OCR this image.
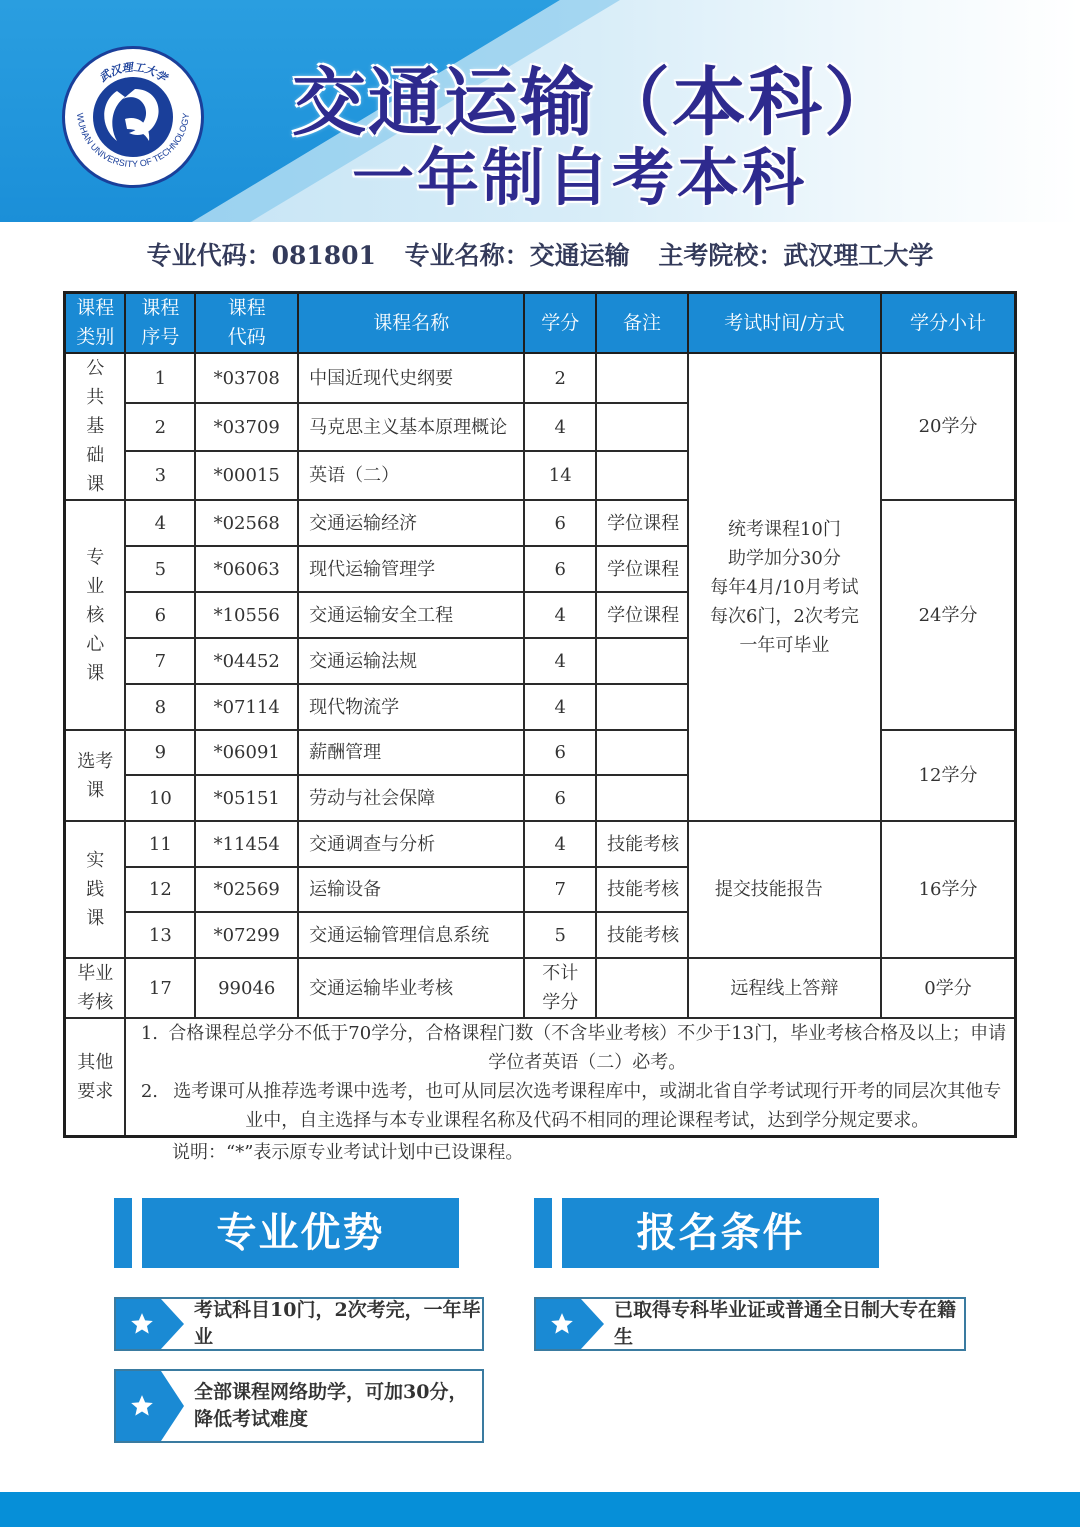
武汉理工大学
WUHAN UNIVERSITY OF TECHNOLOGY 交通运输（本科）
一年制自考本科
专业代码：081801 专业名称：交通运输 主考院校：武汉理工大学
课程类别	课程序号	课程代码	课程名称	学分	备注	考试时间/方式	学分小计
公共基础课	1	*03708	中国近现代史纲要	2		统考课程10门
助学加分30分
每年4月/10月考试
每次6门，2次考完
一年可毕业	20学分
	2	*03709	马克思主义基本原理概论	4			
	3	*00015	英语（二）	14			
专业核心课	4	*02568	交通运输经济	6	学位课程		24学分
	5	*06063	现代运输管理学	6	学位课程		
	6	*10556	交通运输安全工程	4	学位课程		
	7	*04452	交通运输法规	4			
	8	*07114	现代物流学	4			
选考课	9	*06091	薪酬管理	6			12学分
	10	*05151	劳动与社会保障	6			
实践课	11	*11454	交通调查与分析	4	技能考核	提交技能报告	16学分
	12	*02569	运输设备	7	技能考核		
	13	*07299	交通运输管理信息系统	5	技能考核		
毕业考核	17	99046	交通运输毕业考核	不计学分		远程线上答辩	0学分
其他要求	1. 合格课程总学分不低于70学分，合格课程门数（不含毕业考核）不少于13门，毕业考核合格及以上；申请学位者英语（二）必考。
2. 选考课可从推荐选考课中选考，也可从同层次选考课程库中，或湖北省自学考试现行开考的同层次其他专业中，自主选择与本专业课程名称及代码不相同的理论课程考试，达到学分规定要求。						
说明：“*”表示原专业考试计划中已设课程。
专业优势
考试科目10门，2次考完，一年毕业
全部课程网络助学，可加30分，降低考试难度
报名条件
已取得专科毕业证或普通全日制大专在籍生
